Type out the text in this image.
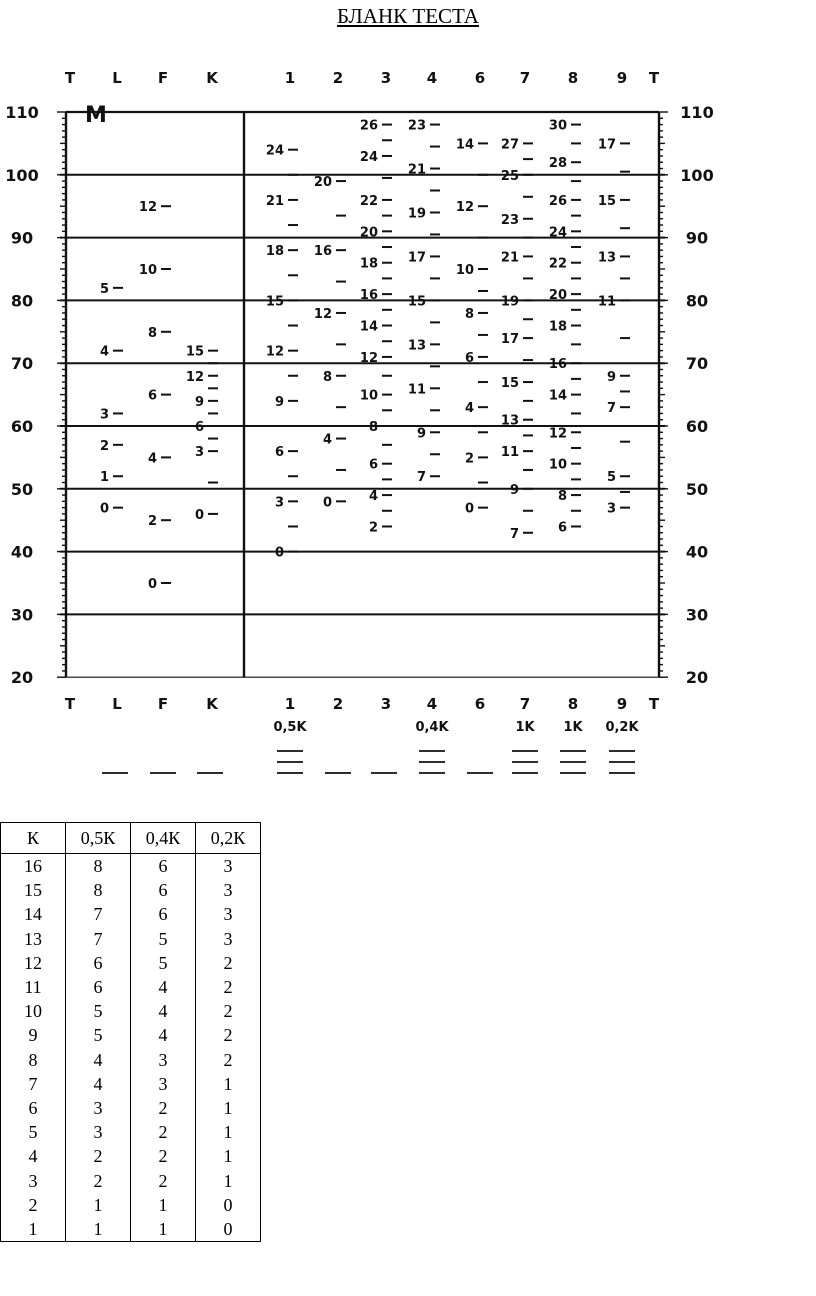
БЛАНК ТЕСТА
110	110
100	100
90	90
80	80
70	70
60	60
50	50
40	40
30	30
20	20
T L F	K	1	2	3 4	6 7	8	9 T
T L F	K	1	2	3 4	6 7	8	9 T
M
24
21
18
15
12
9
6
3
0
20
16
12
8
4
0
26
24
22
20
18
16
14
12
10
8
6
4
2
23
21
19
17
15
13
11
9
7
14
12
10
8
6
4
2
0
27
25
23
21
19
17
15
13
11
9
7
30
28
26
24
22
20
18
16
14
12
10
8
6
17
15
13
11
9
7
5
3
5
4
3
2
1
0
12
10
8
6
4
2
0
15
12
9
6
3
0
0,5K	0,4K	1K 1K 0,2K
К	0,5К	0,4К	0,2К
16	8	6	3
15	8	6	3
14	7	6	3
13	7	5	3
12	6	5	2
11	6	4	2
10	5	4	2
9	5	4	2
8	4	3	2
7	4	3	1
6	3	2	1
5	3	2	1
4	2	2	1
3	2	2	1
2	1	1	0
1	1	1	0
